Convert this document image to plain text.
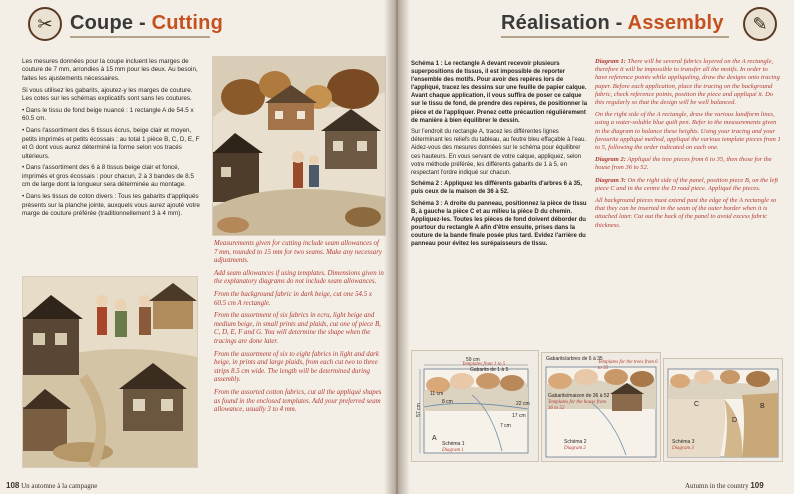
✂ Coupe - Cutting

Les mesures données pour la coupe incluent les marges de couture de 7 mm, arrondies à 15 mm pour les deux. Au besoin, faites les ajustements nécessaires.

Si vous utilisez les gabarits, ajoutez-y les marges de couture. Les cotes sur les schémas explicatifs sont sans les coutures.

• Dans le tissu de fond beige nuancé : 1 rectangle A de 54.5 x 60.5 cm.

• Dans l'assortiment des 6 tissus écrus, beige clair et moyen, petits imprimés et petits écossais : au total 1 pièce B, C, D, E, F et G dont vous aurez déterminé la forme selon vos tracés ultérieurs.

• Dans l'assortiment des 6 à 8 tissus beige clair et foncé, imprimés et gros écossais : pour chacun, 2 à 3 bandes de 8.5 cm de large dont la longueur sera déterminée au montage.

• Dans les tissus de coton divers : Tous les gabarits d'appliqués présents sur la planche jointe, auxquels vous aurez ajouté votre marge de couture préférée (traditionnellement 3 à 4 mm).

Measurements given for cutting include seam allowances of 7 mm, rounded to 15 mm for two seams. Make any necessary adjustments.

Add seam allowances if using templates. Dimensions given in the explanatory diagrams do not include seam allowances.

From the background fabric in dark beige, cut one 54.5 x 60.5 cm A rectangle.

From the assortment of six fabrics in ecru, light beige and medium beige, in small prints and plaids, cut one of piece B, C, D, E, F and G. You will determine the shape when the tracings are done later.

From the assortment of six to eight fabrics in light and dark beige, in prints and large plaids, from each cut two to three strips 8.5 cm wide. The length will be determined during assembly.

From the assorted cotton fabrics, cut all the appliqué shapes as found in the enclosed templates. Add your preferred seam allowance, usually 3 to 4 mm.

108 Un automne à la campagne
Réalisation - Assembly	✎

Schéma 1 : Le rectangle A devant recevoir plusieurs superpositions de tissus, il est impossible de reporter l'ensemble des motifs. Pour avoir des repères lors de l'appliqué, tracez les dessins sur une feuille de papier calque. Avant chaque application, il vous suffira de poser ce calque sur le tissu de fond, de prendre des repères, de positionner la pièce et de l'appliquer. Prenez cette précaution régulièrement de manière à bien équilibrer le dessin.

Sur l'endroit du rectangle A, tracez les différentes lignes déterminant les reliefs du tableau, au feutre bleu effaçable à l'eau. Aidez-vous des mesures données sur le schéma pour équilibrer ces hauteurs. En vous servant de votre calque, appliquez, selon votre méthode préférée, les différents gabarits de 1 à 5, en respectant l'ordre indiqué sur chacun.

Schéma 2 : Appliquez les différents gabarits d'arbres 6 à 35, puis ceux de la maison de 36 à 52.

Schéma 3 : A droite du panneau, positionnez la pièce de tissu B, à gauche la pièce C et au milieu la pièce D du chemin. Appliquez-les. Toutes les pièces de fond doivent déborder du pourtour du rectangle A afin d'être ensuite, prises dans la couture de la bande finale posée plus tard. Evidez l'arrière du panneau pour évitez les surépaisseurs de tissu.

Diagram 1: There will be several fabrics layered on the A rectangle, therefore it will be impossible to transfer all the motifs. In order to have reference points while appliquéing, draw the designs onto tracing paper. Before each application, place the tracing on the background fabric, check reference points, position the piece and appliqué it. Do this regularly so that the design will be well balanced.

On the right side of the A rectangle, draw the various landform lines, using a water-soluble blue quilt pen. Refer to the measurements given in the diagram to balance these heights. Using your tracing and your favourite appliqué method, appliqué the various template pieces from 1 to 5, following the order indicated on each one.

Diagram 2: Appliqué the tree pieces from 6 to 35, then those for the house from 36 to 52.

Diagram 3: On the right side of the panel, position piece B, on the left piece C and in the centre the D road piece. Appliqué the pieces.

All background pieces must extend past the edge of the A rectangle so that they can be inserted in the seam of the outer border when it is attached later. Cut out the back of the panel to avoid excess fabric thickness.

59 cm
Templates from 1 to 5
Gabarits de 1 à 5
57 cm
11 cm
22 cm
17 cm
7 cm
8 cm
A
Schéma 1
Diagram 1
Gabarits/arbres de 6 à 35
Templates for the trees from 6 to 35
Gabarits/maison de 36 à 52
Templates for the house from 36 to 52
Schéma 2
Diagram 2
C
D
B
Schéma 3
Diagram 3
Autumn in the country 109
